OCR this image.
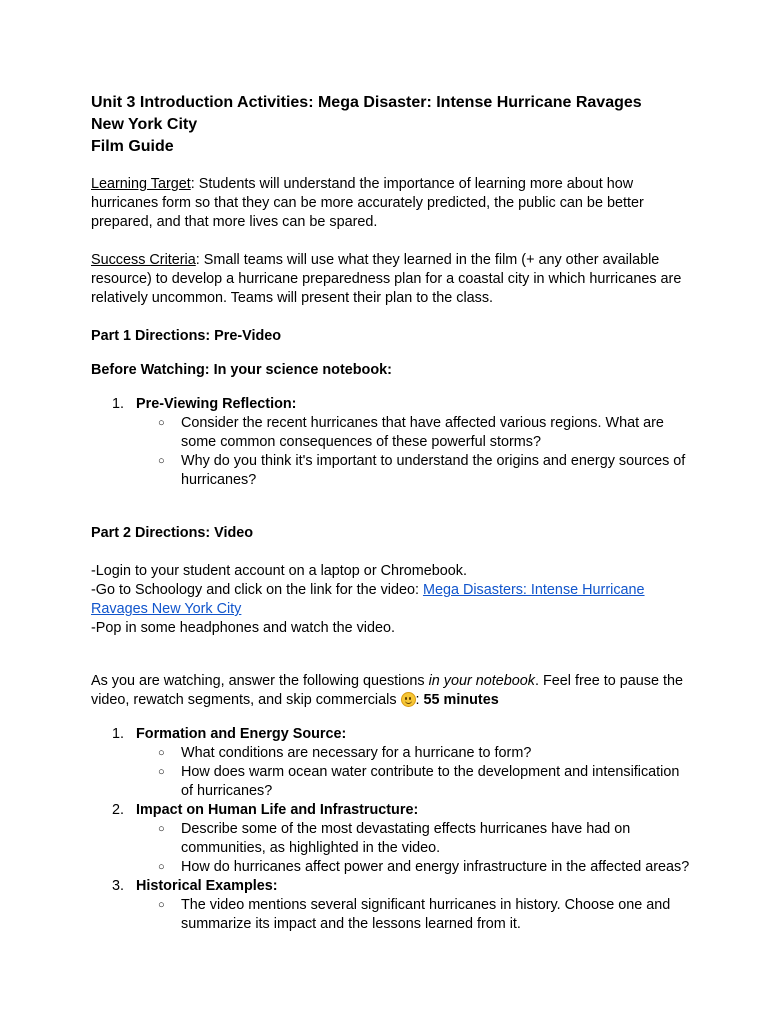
Unit 3 Introduction Activities: Mega Disaster: Intense Hurricane Ravages
New York City
Film Guide

Learning Target: Students will understand the importance of learning more about how hurricanes form so that they can be more accurately predicted, the public can be better prepared, and that more lives can be spared.

Success Criteria: Small teams will use what they learned in the film (+ any other available resource) to develop a hurricane preparedness plan for a coastal city in which hurricanes are relatively uncommon. Teams will present their plan to the class.

Part 1 Directions: Pre-Video

Before Watching: In your science notebook:

1. Pre-Viewing Reflection:
○ Consider the recent hurricanes that have affected various regions. What are some common consequences of these powerful storms?
○ Why do you think it's important to understand the origins and energy sources of hurricanes?

Part 2 Directions: Video

-Login to your student account on a laptop or Chromebook.

-Go to Schoology and click on the link for the video: Mega Disasters: Intense Hurricane Ravages New York City

-Pop in some headphones and watch the video.

As you are watching, answer the following questions in your notebook. Feel free to pause the video, rewatch segments, and skip commercials
: 55 minutes

1. Formation and Energy Source:
○ What conditions are necessary for a hurricane to form?
○ How does warm ocean water contribute to the development and intensification of hurricanes?
2. Impact on Human Life and Infrastructure:
○ Describe some of the most devastating effects hurricanes have had on communities, as highlighted in the video.
○ How do hurricanes affect power and energy infrastructure in the affected areas?
3. Historical Examples:
○ The video mentions several significant hurricanes in history. Choose one and summarize its impact and the lessons learned from it.
